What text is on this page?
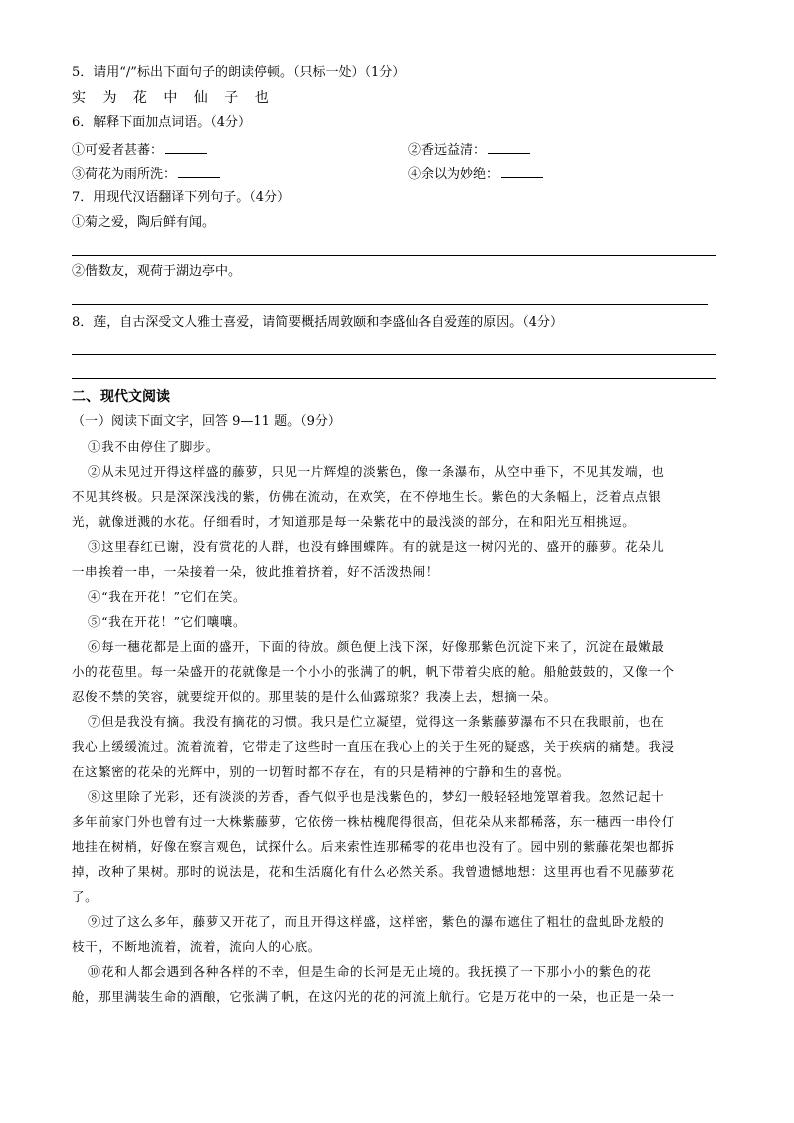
5．请用“/”标出下面句子的朗读停顿。（只标一处）（1分）
实 为 花 中 仙 子 也
6．解释下面加点词语。（4分）
①可爱者甚蕃：	②香远益清：
③荷花为雨所洗：	④余以为妙绝：
7．用现代汉语翻译下列句子。（4分）
①菊之爱，陶后鲜有闻。
②偕数友，观荷于湖边亭中。
8．莲，自古深受文人雅士喜爱，请简要概括周敦颐和李盛仙各自爱莲的原因。（4分）
二、现代文阅读
（一）阅读下面文字，回答 9—11 题。（9分）
①我不由停住了脚步。
②从未见过开得这样盛的藤萝，只见一片辉煌的淡紫色，像一条瀑布，从空中垂下，不见其发端，也
不见其终极。只是深深浅浅的紫，仿佛在流动，在欢笑，在不停地生长。紫色的大条幅上，泛着点点银
光，就像迸溅的水花。仔细看时，才知道那是每一朵紫花中的最浅淡的部分，在和阳光互相挑逗。
③这里春红已谢，没有赏花的人群，也没有蜂围蝶阵。有的就是这一树闪光的、盛开的藤萝。花朵儿
一串挨着一串，一朵接着一朵，彼此推着挤着，好不活泼热闹！
④“我在开花！”它们在笑。
⑤“我在开花！”它们嚷嚷。
⑥每一穗花都是上面的盛开，下面的待放。颜色便上浅下深，好像那紫色沉淀下来了，沉淀在最嫩最
小的花苞里。每一朵盛开的花就像是一个小小的张满了的帆，帆下带着尖底的舱。船舱鼓鼓的，又像一个
忍俊不禁的笑容，就要绽开似的。那里装的是什么仙露琼浆？我凑上去，想摘一朵。
⑦但是我没有摘。我没有摘花的习惯。我只是伫立凝望，觉得这一条紫藤萝瀑布不只在我眼前，也在
我心上缓缓流过。流着流着，它带走了这些时一直压在我心上的关于生死的疑惑，关于疾病的痛楚。我浸
在这繁密的花朵的光辉中，别的一切暂时都不存在，有的只是精神的宁静和生的喜悦。
⑧这里除了光彩，还有淡淡的芳香，香气似乎也是浅紫色的，梦幻一般轻轻地笼罩着我。忽然记起十
多年前家门外也曾有过一大株紫藤萝，它依傍一株枯槐爬得很高，但花朵从来都稀落，东一穗西一串伶仃
地挂在树梢，好像在察言观色，试探什么。后来索性连那稀零的花串也没有了。园中别的紫藤花架也都拆
掉，改种了果树。那时的说法是，花和生活腐化有什么必然关系。我曾遗憾地想：这里再也看不见藤萝花
了。
⑨过了这么多年，藤萝又开花了，而且开得这样盛，这样密，紫色的瀑布遮住了粗壮的盘虬卧龙般的
枝干，不断地流着，流着，流向人的心底。
⑩花和人都会遇到各种各样的不幸，但是生命的长河是无止境的。我抚摸了一下那小小的紫色的花
舱，那里满装生命的酒酿，它张满了帆，在这闪光的花的河流上航行。它是万花中的一朵，也正是一朵一
